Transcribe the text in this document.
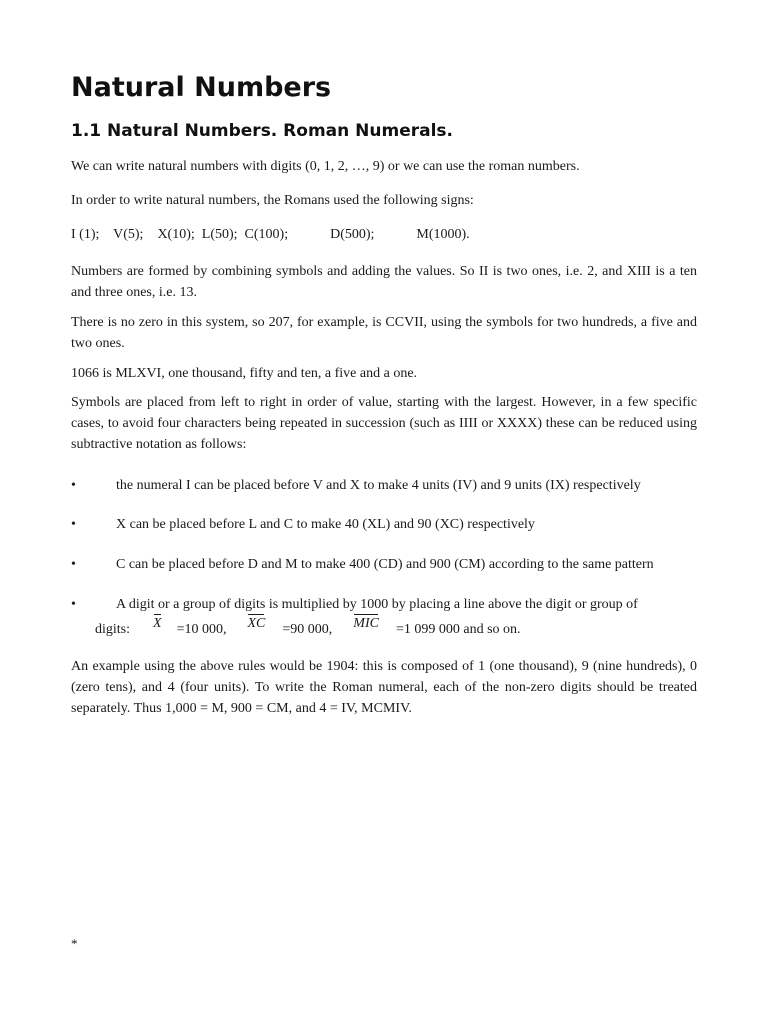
Natural Numbers
1.1 Natural Numbers. Roman Numerals.

We can write natural numbers with digits (0, 1, 2, …, 9) or we can use the roman numbers.

In order to write natural numbers, the Romans used the following signs:

I (1);    V(5);    X(10);  L(50);  C(100);            D(500);            M(1000).

Numbers are formed by combining symbols and adding the values. So II is two ones, i.e. 2, and XIII is a ten and three ones, i.e. 13.

There is no zero in this system, so 207, for example, is CCVII, using the symbols for two hundreds, a five and two ones.

1066 is MLXVI, one thousand, fifty and ten, a five and a one.

Symbols are placed from left to right in order of value, starting with the largest. However, in a few specific cases, to avoid four characters being repeated in succession (such as IIII or XXXX) these can be reduced using subtractive notation as follows:

•	the numeral I can be placed before V and X to make 4 units (IV) and 9 units (IX) respectively

•	X can be placed before L and C to make 40 (XL) and 90 (XC) respectively

•	C can be placed before D and M to make 400 (CD) and 900 (CM) according to the same pattern

•	A digit or a group of digits is multiplied by 1000 by placing a line above the digit or group of

digits: X =10 000, XC =90 000, MIC =1 099 000 and so on.

An example using the above rules would be 1904: this is composed of 1 (one thousand), 9 (nine hundreds), 0 (zero tens), and 4 (four units). To write the Roman numeral, each of the non-zero digits should be treated separately. Thus 1,000 = M, 900 = CM, and 4 = IV, MCMIV.

*
